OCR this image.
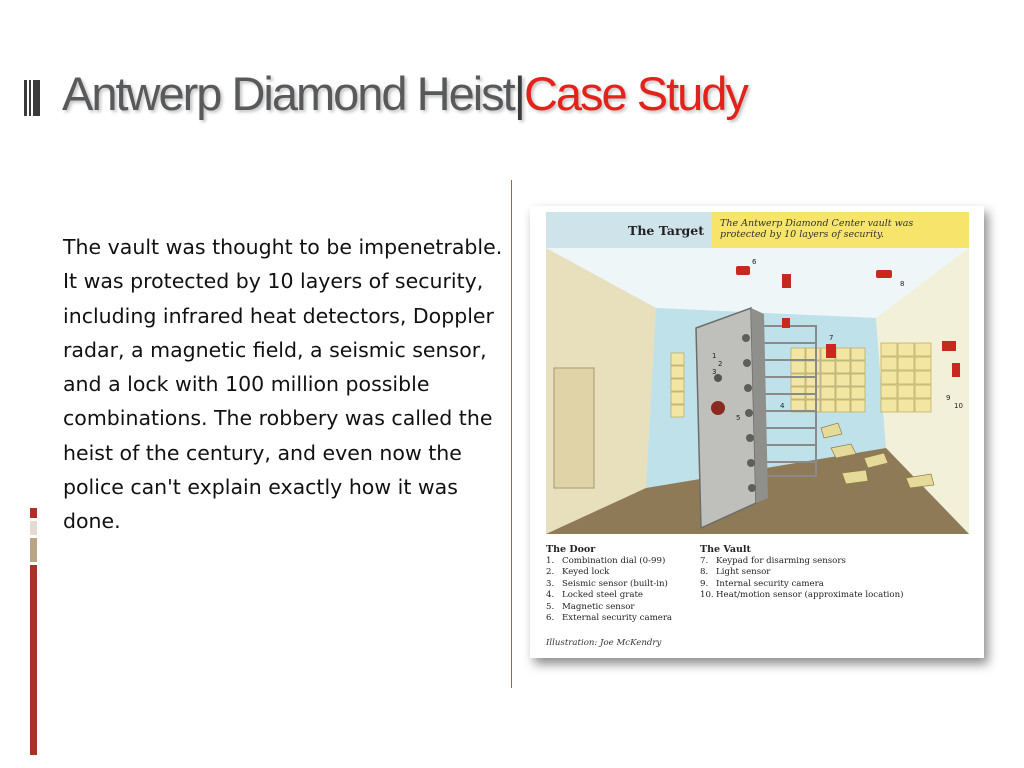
Antwerp Diamond Heist|Case Study

The vault was thought to be impenetrable. It was protected by 10 layers of security, including infrared heat detectors, Doppler radar, a magnetic field, a seismic sensor, and a lock with 100 million possible combinations. The robbery was called the heist of the century, and even now the police can't explain exactly how it was done.

The Target	The Antwerp Diamond Center vault was protected by 10 layers of security.
1
2
3
4
5
6
7
8
9
10
The Door
1. Combination dial (0-99)
2. Keyed lock
3. Seismic sensor (built-in)
4. Locked steel grate
5. Magnetic sensor
6. External security camera
The Vault
7. Keypad for disarming sensors
8. Light sensor
9. Internal security camera
10. Heat/motion sensor (approximate location)
Illustration: Joe McKendry
